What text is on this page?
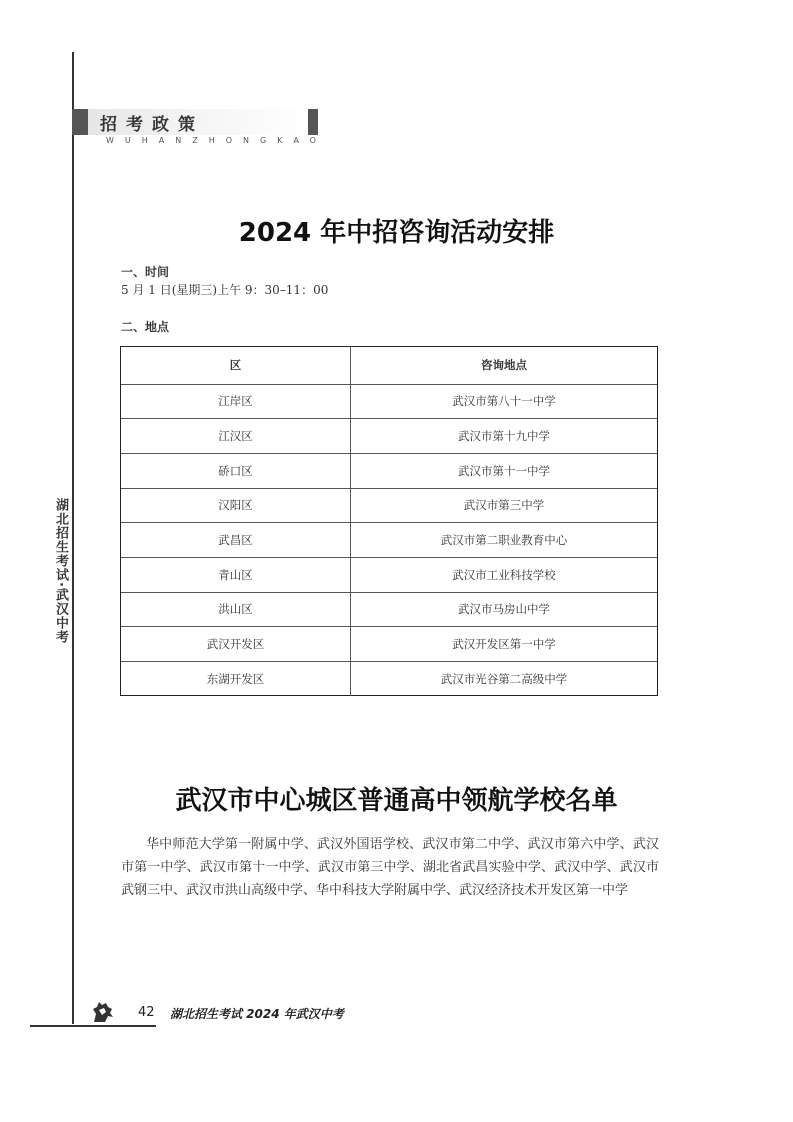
招考政策
WUHANZHONGKAO
湖北招生考试·武汉中考
2024 年中招咨询活动安排
一、时间
5 月 1 日(星期三)上午 9：30–11：00
二、地点
区	咨询地点
江岸区	武汉市第八十一中学
江汉区	武汉市第十九中学
硚口区	武汉市第十一中学
汉阳区	武汉市第三中学
武昌区	武汉市第二职业教育中心
青山区	武汉市工业科技学校
洪山区	武汉市马房山中学
武汉开发区	武汉开发区第一中学
东湖开发区	武汉市光谷第二高级中学
武汉市中心城区普通高中领航学校名单
华中师范大学第一附属中学、武汉外国语学校、武汉市第二中学、武汉市第六中学、武汉市第一中学、武汉市第十一中学、武汉市第三中学、湖北省武昌实验中学、武汉中学、武汉市武钢三中、武汉市洪山高级中学、华中科技大学附属中学、武汉经济技术开发区第一中学
42 湖北招生考试 2024 年武汉中考
